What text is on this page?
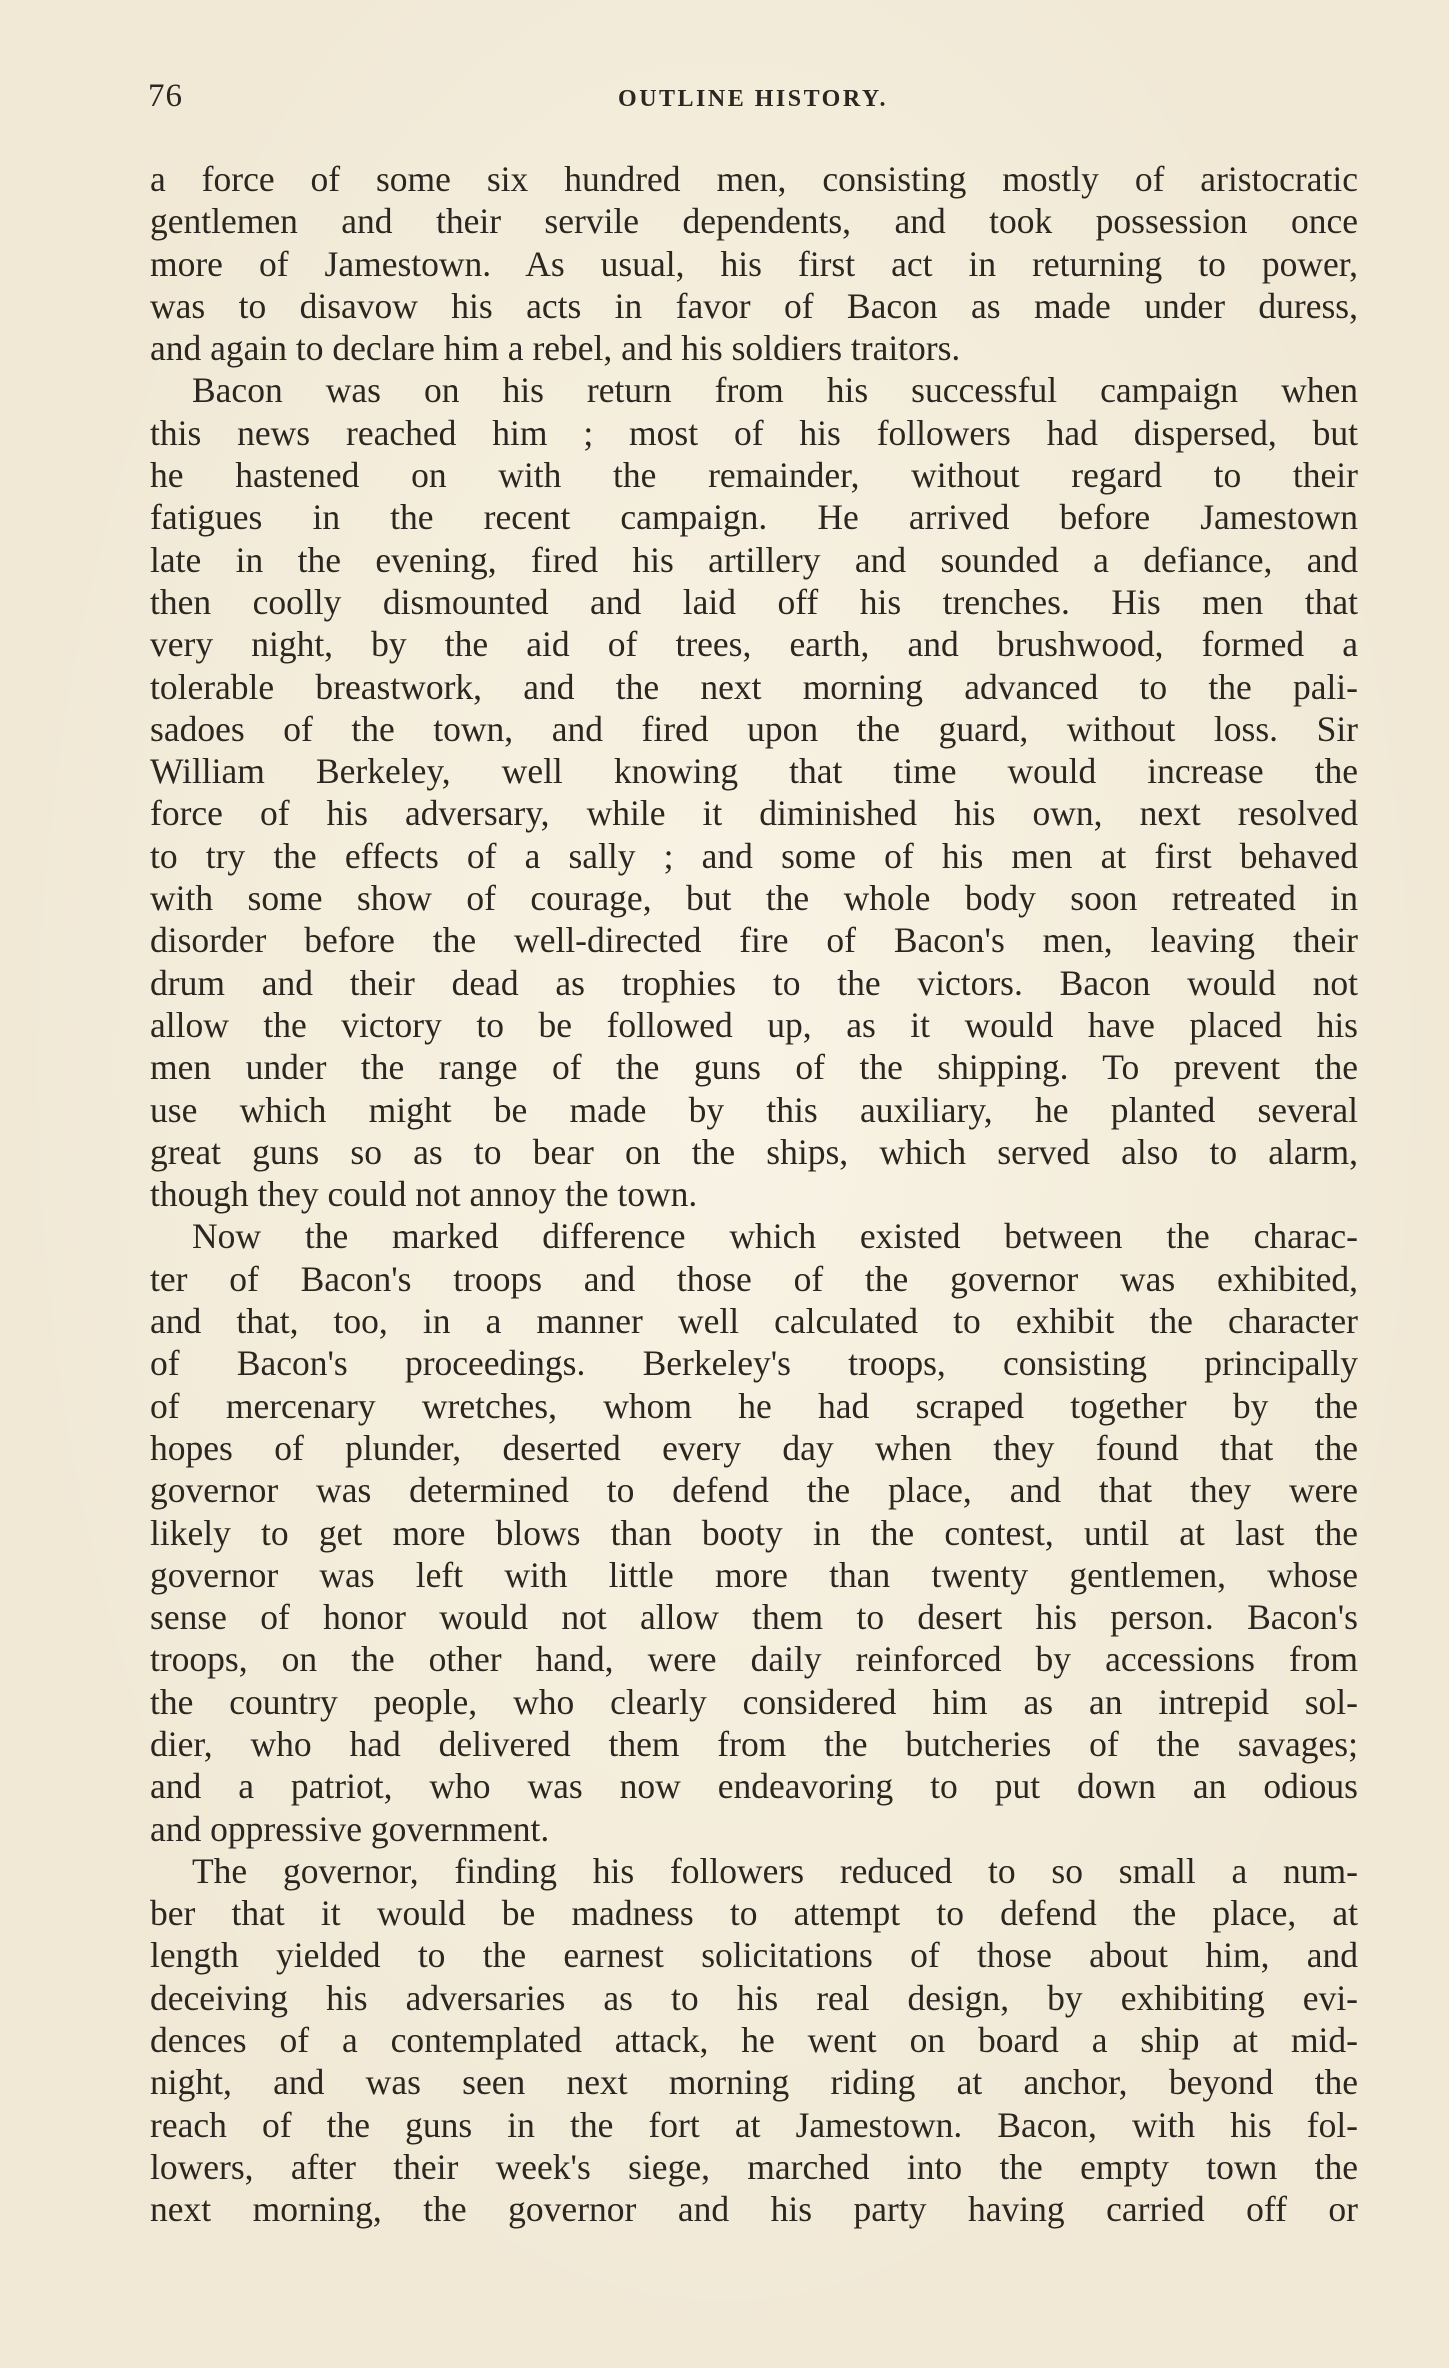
76	OUTLINE HISTORY.
a force of some six hundred men, consisting mostly of aristocratic
gentlemen and their servile dependents, and took possession once
more of Jamestown. As usual, his first act in returning to power,
was to disavow his acts in favor of Bacon as made under duress,
and again to declare him a rebel, and his soldiers traitors.
Bacon was on his return from his successful campaign when
this news reached him ; most of his followers had dispersed, but
he hastened on with the remainder, without regard to their
fatigues in the recent campaign. He arrived before Jamestown
late in the evening, fired his artillery and sounded a defiance, and
then coolly dismounted and laid off his trenches. His men that
very night, by the aid of trees, earth, and brushwood, formed a
tolerable breastwork, and the next morning advanced to the pali-
sadoes of the town, and fired upon the guard, without loss. Sir
William Berkeley, well knowing that time would increase the
force of his adversary, while it diminished his own, next resolved
to try the effects of a sally ; and some of his men at first behaved
with some show of courage, but the whole body soon retreated in
disorder before the well-directed fire of Bacon's men, leaving their
drum and their dead as trophies to the victors. Bacon would not
allow the victory to be followed up, as it would have placed his
men under the range of the guns of the shipping. To prevent the
use which might be made by this auxiliary, he planted several
great guns so as to bear on the ships, which served also to alarm,
though they could not annoy the town.
Now the marked difference which existed between the charac-
ter of Bacon's troops and those of the governor was exhibited,
and that, too, in a manner well calculated to exhibit the character
of Bacon's proceedings. Berkeley's troops, consisting principally
of mercenary wretches, whom he had scraped together by the
hopes of plunder, deserted every day when they found that the
governor was determined to defend the place, and that they were
likely to get more blows than booty in the contest, until at last the
governor was left with little more than twenty gentlemen, whose
sense of honor would not allow them to desert his person. Bacon's
troops, on the other hand, were daily reinforced by accessions from
the country people, who clearly considered him as an intrepid sol-
dier, who had delivered them from the butcheries of the savages;
and a patriot, who was now endeavoring to put down an odious
and oppressive government.
The governor, finding his followers reduced to so small a num-
ber that it would be madness to attempt to defend the place, at
length yielded to the earnest solicitations of those about him, and
deceiving his adversaries as to his real design, by exhibiting evi-
dences of a contemplated attack, he went on board a ship at mid-
night, and was seen next morning riding at anchor, beyond the
reach of the guns in the fort at Jamestown. Bacon, with his fol-
lowers, after their week's siege, marched into the empty town the
next morning, the governor and his party having carried off or
